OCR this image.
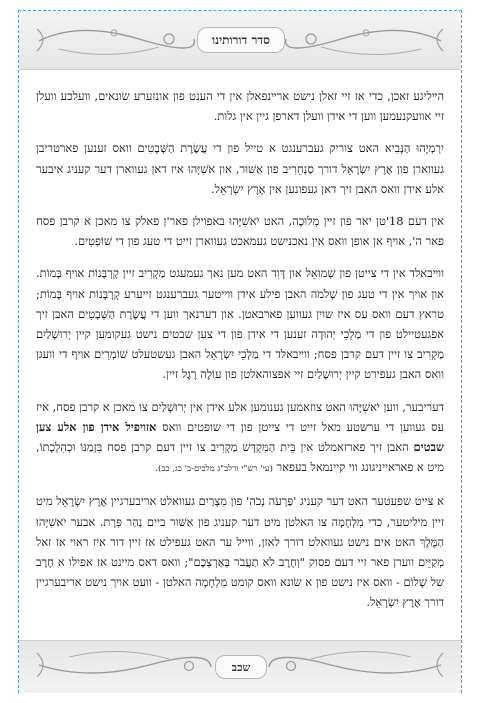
סדר דורותינו

הײליגע זאכן, כדי אז זיי זאלן נישט ארײנפאלן אין די הענט פון אונזערע שׂונאים, וועלכע וועלן זיי אוועקנעמען ווען די אידן וועלן דארפן גיין אין גלות.

יִרְמְיָהוּ הַנָּבִיא האט צוריק געברענגט א טייל פון די עֲשֶׂרֶת הַשְּׁבָטִים וואס זענען פארטריבן געווארן פון אֶרֶץ יִשְׂרָאֵל דורך סַנְחֵרִיב פון אַשּׁוּר, און אֹשִׁיָּהוּ איז דאן געווארן דער קעניג איבער אלע אידן וואס האבן זיך דאן געפונען אין אֶרֶץ יִשְׂרָאֵל.

אין דעם 18'טן יאר פון זיין מְלוּכָה, האט יֹאשִׁיָּהוּ באפוילן פאר'ן פאלק צו מאכן א קרבן פסח פאר ה', אויף אן אופן וואס אין נאכנישט געמאכט געווארן זייט די טעג פון די שׁוֹפְטִים.

ווײבאלד אין די צייטן פון שְׁמוּאֵל און דָּוִד האט מען נאך געמעגט מַקְרִיב זיין קָרְבָּנוֹת אויף בָּמוֹת. און אויך אין די טעג פון שְׁלֹמֹה האבן פילע אידן ווייטער געברענגט זייערע קָרְבָּנוֹת אויף בָּמוֹת; טראץ דעם וואס עס איז שוין געווען פארבאטן. און דערנאך ווען די עֲשֶׂרֶת הַשְּׁבָטִים האבן זיך אפגעטיילט פון די מַלְכֵי יְהוּדָה זענען די אידן פון די צען שבטים נישט געקומען קיין יְרוּשָׁלַיִם מַקְרִיב צו זיין דעם קרבן פסח; ווײבאלד די מַלְכֵי יִשְׂרָאֵל האבן געשטעלט שׁוֹמְרִים אויף די וועגן וואס האבן געפירט קיין יְרוּשָׁלַיִם זיי אפצוהאלטן פון עוֹלֶה רֶגֶל זיין.

דעריבער, ווען יֹאשִׁיָּהוּ האט צוזאמען גענומען אלע אידן אין יְרוּשָׁלַיִם צו מאכן א קרבן פסח, איז עס געווען די ערשטע מאל זייט די צייטן פון די שופטים וואס אזויפיל אידן פון אלע צען שבטים האבן זיך פארזאמלט אין בֵּית הַמִּקְדָּשׁ מַקְרִיב צו זיין דעם קרבן פסח בִּזְמַנּוֹ וּכְהִלְכָתוֹ, מיט א פאראייניגונג ווי קיינמאל בעפאר (עי' רש"י ורלב"ג מלכים-ב' כג, כב).

א צייט שפעטער האט דער קעניג 'פַּרְעֹה נְכֹה' פון מִצְרַיִם געוואלט אריבערגיין אֶרֶץ יִשְׂרָאֵל מיט זיין מיליטער, כדי מִלְחָמָה צו האלטן מיט דער קעניג פון אַשּׁוּר ביים נְהַר פְּרָת. אבער יֹאשִׁיָּהוּ הַמֶּלֶךְ האט אים נישט געוואלט דורך לאזן, ווייל ער האט געפילט אז זיין דור איז ראוי אז זאל מְקַיֵּים ווערן פאר זיי דעם פסוק "וְחֶרֶב לֹא תַעֲבֹר בְּאַרְצְכֶם"; וואס דאס מיינט אז אפילו א חֶרֶב של שָׁלוֹם - וואס איז נישט פון א שׂונא וואס קומט מִלְחָמָה האלטן - וועט אויך נישט אריבערגיין דורך אֶרֶץ יִשְׂרָאֵל.

שכב
